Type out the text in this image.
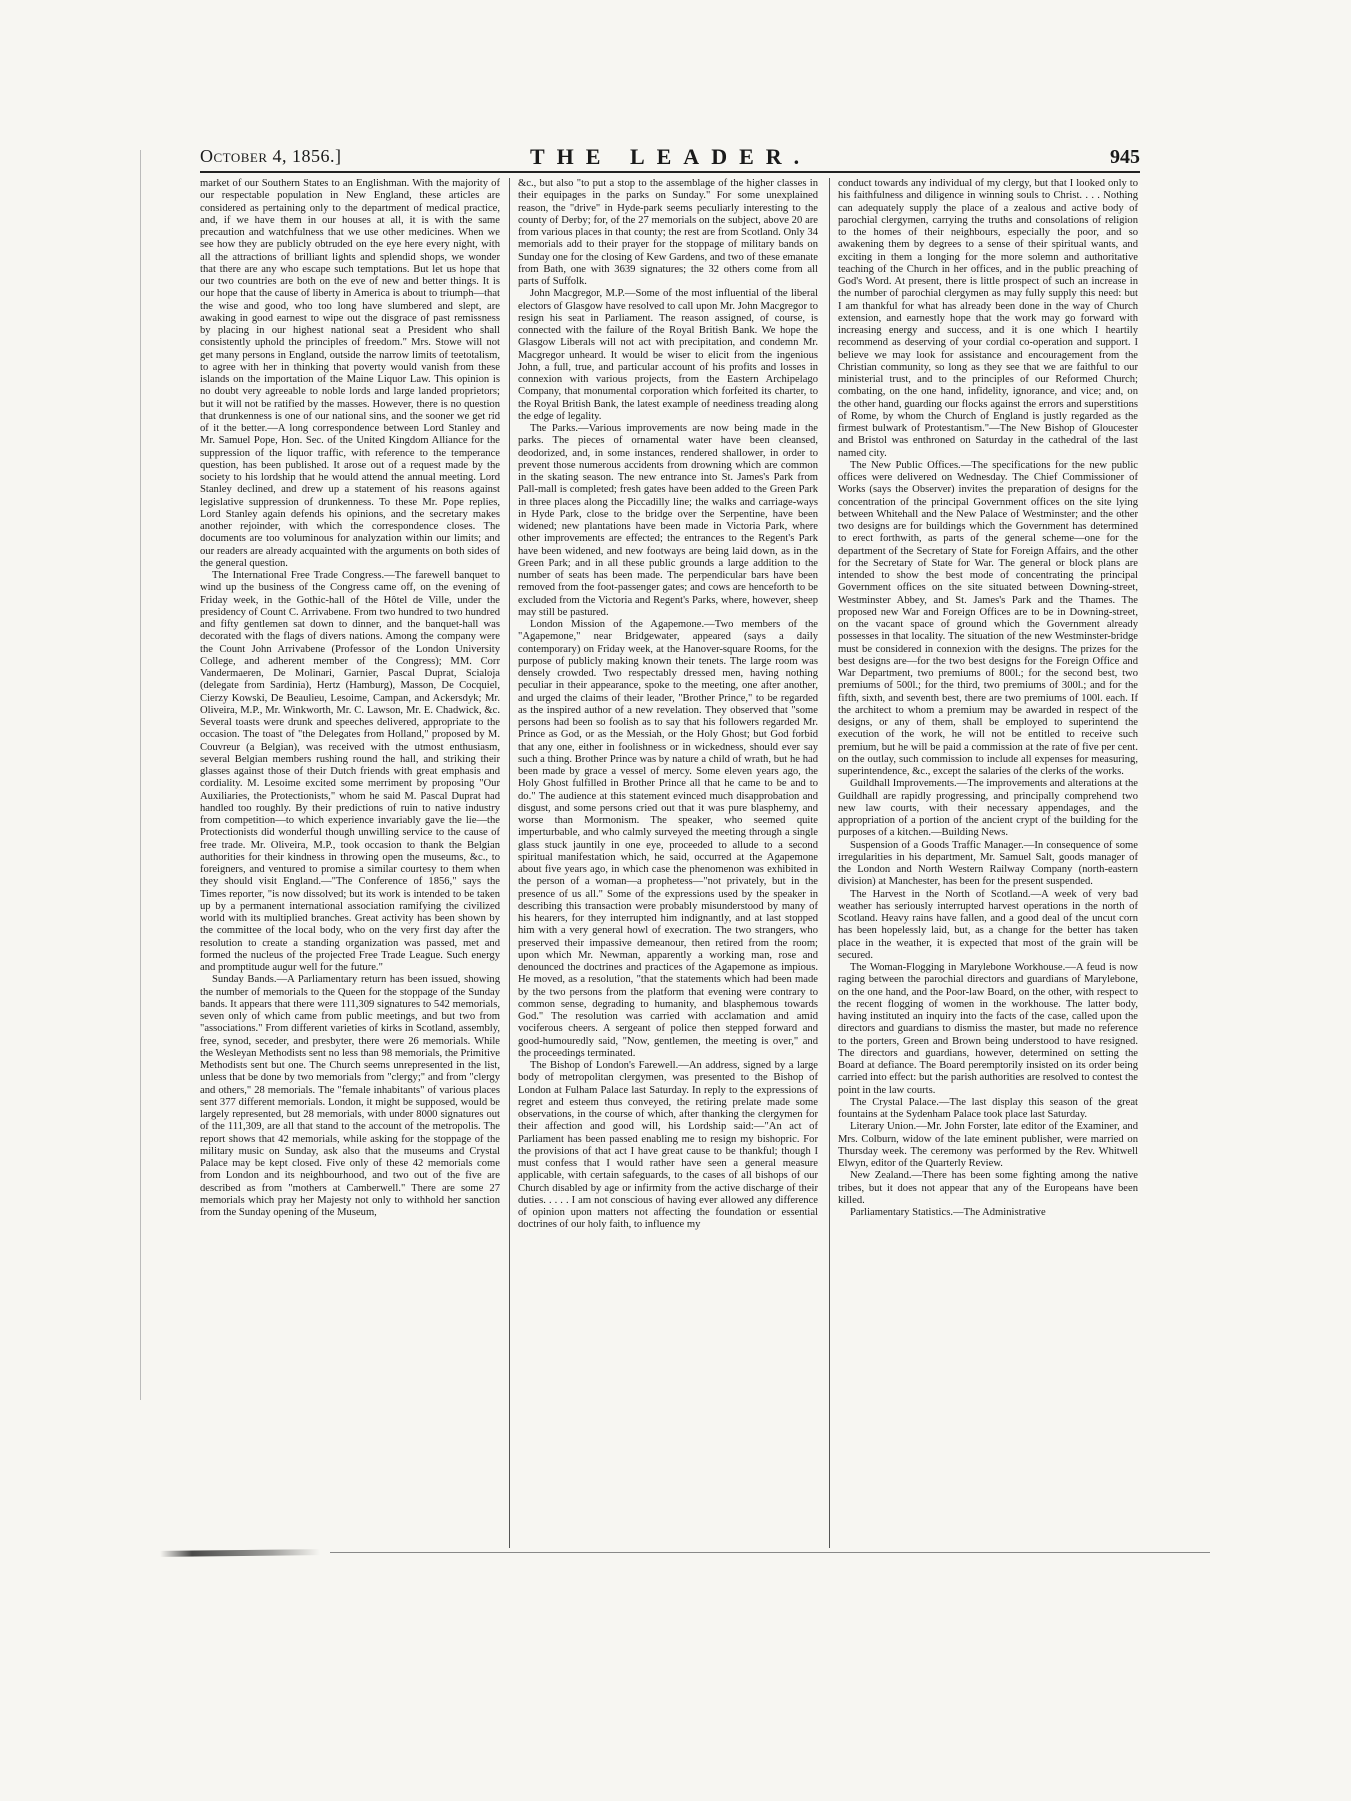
October 4, 1856.]	THE LEADER.	945

market of our Southern States to an Englishman. With the majority of our respectable population in New England, these articles are considered as pertaining only to the department of medical practice, and, if we have them in our houses at all, it is with the same precaution and watchfulness that we use other medicines. When we see how they are publicly obtruded on the eye here every night, with all the attractions of brilliant lights and splendid shops, we wonder that there are any who escape such temptations. But let us hope that our two countries are both on the eve of new and better things. It is our hope that the cause of liberty in America is about to triumph—that the wise and good, who too long have slumbered and slept, are awaking in good earnest to wipe out the disgrace of past remissness by placing in our highest national seat a President who shall consistently uphold the principles of freedom." Mrs. Stowe will not get many persons in England, outside the narrow limits of teetotalism, to agree with her in thinking that poverty would vanish from these islands on the importation of the Maine Liquor Law. This opinion is no doubt very agreeable to noble lords and large landed proprietors; but it will not be ratified by the masses. However, there is no question that drunkenness is one of our national sins, and the sooner we get rid of it the better.—A long correspondence between Lord Stanley and Mr. Samuel Pope, Hon. Sec. of the United Kingdom Alliance for the suppression of the liquor traffic, with reference to the temperance question, has been published. It arose out of a request made by the society to his lordship that he would attend the annual meeting. Lord Stanley declined, and drew up a statement of his reasons against legislative suppression of drunkenness. To these Mr. Pope replies, Lord Stanley again defends his opinions, and the secretary makes another rejoinder, with which the correspondence closes. The documents are too voluminous for analyzation within our limits; and our readers are already acquainted with the arguments on both sides of the general question.

The International Free Trade Congress.—The farewell banquet to wind up the business of the Congress came off, on the evening of Friday week, in the Gothic-hall of the Hôtel de Ville, under the presidency of Count C. Arrivabene. From two hundred to two hundred and fifty gentlemen sat down to dinner, and the banquet-hall was decorated with the flags of divers nations. Among the company were the Count John Arrivabene (Professor of the London University College, and adherent member of the Congress); MM. Corr Vandermaeren, De Molinari, Garnier, Pascal Duprat, Scialoja (delegate from Sardinia), Hertz (Hamburg), Masson, De Cocquiel, Cierzy Kowski, De Beaulieu, Lesoime, Campan, and Ackersdyk; Mr. Oliveira, M.P., Mr. Winkworth, Mr. C. Lawson, Mr. E. Chadwick, &c. Several toasts were drunk and speeches delivered, appropriate to the occasion. The toast of "the Delegates from Holland," proposed by M. Couvreur (a Belgian), was received with the utmost enthusiasm, several Belgian members rushing round the hall, and striking their glasses against those of their Dutch friends with great emphasis and cordiality. M. Lesoime excited some merriment by proposing "Our Auxiliaries, the Protectionists," whom he said M. Pascal Duprat had handled too roughly. By their predictions of ruin to native industry from competition—to which experience invariably gave the lie—the Protectionists did wonderful though unwilling service to the cause of free trade. Mr. Oliveira, M.P., took occasion to thank the Belgian authorities for their kindness in throwing open the museums, &c., to foreigners, and ventured to promise a similar courtesy to them when they should visit England.—"The Conference of 1856," says the Times reporter, "is now dissolved; but its work is intended to be taken up by a permanent international association ramifying the civilized world with its multiplied branches. Great activity has been shown by the committee of the local body, who on the very first day after the resolution to create a standing organization was passed, met and formed the nucleus of the projected Free Trade League. Such energy and promptitude augur well for the future."

Sunday Bands.—A Parliamentary return has been issued, showing the number of memorials to the Queen for the stoppage of the Sunday bands. It appears that there were 111,309 signatures to 542 memorials, seven only of which came from public meetings, and but two from "associations." From different varieties of kirks in Scotland, assembly, free, synod, seceder, and presbyter, there were 26 memorials. While the Wesleyan Methodists sent no less than 98 memorials, the Primitive Methodists sent but one. The Church seems unrepresented in the list, unless that be done by two memorials from "clergy;" and from "clergy and others," 28 memorials. The "female inhabitants" of various places sent 377 different memorials. London, it might be supposed, would be largely represented, but 28 memorials, with under 8000 signatures out of the 111,309, are all that stand to the account of the metropolis. The report shows that 42 memorials, while asking for the stoppage of the military music on Sunday, ask also that the museums and Crystal Palace may be kept closed. Five only of these 42 memorials come from London and its neighbourhood, and two out of the five are described as from "mothers at Camberwell." There are some 27 memorials which pray her Majesty not only to withhold her sanction from the Sunday opening of the Museum,

&c., but also "to put a stop to the assemblage of the higher classes in their equipages in the parks on Sunday." For some unexplained reason, the "drive" in Hyde-park seems peculiarly interesting to the county of Derby; for, of the 27 memorials on the subject, above 20 are from various places in that county; the rest are from Scotland. Only 34 memorials add to their prayer for the stoppage of military bands on Sunday one for the closing of Kew Gardens, and two of these emanate from Bath, one with 3639 signatures; the 32 others come from all parts of Suffolk.

John Macgregor, M.P.—Some of the most influential of the liberal electors of Glasgow have resolved to call upon Mr. John Macgregor to resign his seat in Parliament. The reason assigned, of course, is connected with the failure of the Royal British Bank. We hope the Glasgow Liberals will not act with precipitation, and condemn Mr. Macgregor unheard. It would be wiser to elicit from the ingenious John, a full, true, and particular account of his profits and losses in connexion with various projects, from the Eastern Archipelago Company, that monumental corporation which forfeited its charter, to the Royal British Bank, the latest example of neediness treading along the edge of legality.

The Parks.—Various improvements are now being made in the parks. The pieces of ornamental water have been cleansed, deodorized, and, in some instances, rendered shallower, in order to prevent those numerous accidents from drowning which are common in the skating season. The new entrance into St. James's Park from Pall-mall is completed; fresh gates have been added to the Green Park in three places along the Piccadilly line; the walks and carriage-ways in Hyde Park, close to the bridge over the Serpentine, have been widened; new plantations have been made in Victoria Park, where other improvements are effected; the entrances to the Regent's Park have been widened, and new footways are being laid down, as in the Green Park; and in all these public grounds a large addition to the number of seats has been made. The perpendicular bars have been removed from the foot-passenger gates; and cows are henceforth to be excluded from the Victoria and Regent's Parks, where, however, sheep may still be pastured.

London Mission of the Agapemone.—Two members of the "Agapemone," near Bridgewater, appeared (says a daily contemporary) on Friday week, at the Hanover-square Rooms, for the purpose of publicly making known their tenets. The large room was densely crowded. Two respectably dressed men, having nothing peculiar in their appearance, spoke to the meeting, one after another, and urged the claims of their leader, "Brother Prince," to be regarded as the inspired author of a new revelation. They observed that "some persons had been so foolish as to say that his followers regarded Mr. Prince as God, or as the Messiah, or the Holy Ghost; but God forbid that any one, either in foolishness or in wickedness, should ever say such a thing. Brother Prince was by nature a child of wrath, but he had been made by grace a vessel of mercy. Some eleven years ago, the Holy Ghost fulfilled in Brother Prince all that he came to be and to do." The audience at this statement evinced much disapprobation and disgust, and some persons cried out that it was pure blasphemy, and worse than Mormonism. The speaker, who seemed quite imperturbable, and who calmly surveyed the meeting through a single glass stuck jauntily in one eye, proceeded to allude to a second spiritual manifestation which, he said, occurred at the Agapemone about five years ago, in which case the phenomenon was exhibited in the person of a woman—a prophetess—"not privately, but in the presence of us all." Some of the expressions used by the speaker in describing this transaction were probably misunderstood by many of his hearers, for they interrupted him indignantly, and at last stopped him with a very general howl of execration. The two strangers, who preserved their impassive demeanour, then retired from the room; upon which Mr. Newman, apparently a working man, rose and denounced the doctrines and practices of the Agapemone as impious. He moved, as a resolution, "that the statements which had been made by the two persons from the platform that evening were contrary to common sense, degrading to humanity, and blasphemous towards God." The resolution was carried with acclamation and amid vociferous cheers. A sergeant of police then stepped forward and good-humouredly said, "Now, gentlemen, the meeting is over," and the proceedings terminated.

The Bishop of London's Farewell.—An address, signed by a large body of metropolitan clergymen, was presented to the Bishop of London at Fulham Palace last Saturday. In reply to the expressions of regret and esteem thus conveyed, the retiring prelate made some observations, in the course of which, after thanking the clergymen for their affection and good will, his Lordship said:—"An act of Parliament has been passed enabling me to resign my bishopric. For the provisions of that act I have great cause to be thankful; though I must confess that I would rather have seen a general measure applicable, with certain safeguards, to the cases of all bishops of our Church disabled by age or infirmity from the active discharge of their duties. . . . . I am not conscious of having ever allowed any difference of opinion upon matters not affecting the foundation or essential doctrines of our holy faith, to influence my

conduct towards any individual of my clergy, but that I looked only to his faithfulness and diligence in winning souls to Christ. . . . Nothing can adequately supply the place of a zealous and active body of parochial clergymen, carrying the truths and consolations of religion to the homes of their neighbours, especially the poor, and so awakening them by degrees to a sense of their spiritual wants, and exciting in them a longing for the more solemn and authoritative teaching of the Church in her offices, and in the public preaching of God's Word. At present, there is little prospect of such an increase in the number of parochial clergymen as may fully supply this need: but I am thankful for what has already been done in the way of Church extension, and earnestly hope that the work may go forward with increasing energy and success, and it is one which I heartily recommend as deserving of your cordial co-operation and support. I believe we may look for assistance and encouragement from the Christian community, so long as they see that we are faithful to our ministerial trust, and to the principles of our Reformed Church; combating, on the one hand, infidelity, ignorance, and vice; and, on the other hand, guarding our flocks against the errors and superstitions of Rome, by whom the Church of England is justly regarded as the firmest bulwark of Protestantism."—The New Bishop of Gloucester and Bristol was enthroned on Saturday in the cathedral of the last named city.

The New Public Offices.—The specifications for the new public offices were delivered on Wednesday. The Chief Commissioner of Works (says the Observer) invites the preparation of designs for the concentration of the principal Government offices on the site lying between Whitehall and the New Palace of Westminster; and the other two designs are for buildings which the Government has determined to erect forthwith, as parts of the general scheme—one for the department of the Secretary of State for Foreign Affairs, and the other for the Secretary of State for War. The general or block plans are intended to show the best mode of concentrating the principal Government offices on the site situated between Downing-street, Westminster Abbey, and St. James's Park and the Thames. The proposed new War and Foreign Offices are to be in Downing-street, on the vacant space of ground which the Government already possesses in that locality. The situation of the new Westminster-bridge must be considered in connexion with the designs. The prizes for the best designs are—for the two best designs for the Foreign Office and War Department, two premiums of 800l.; for the second best, two premiums of 500l.; for the third, two premiums of 300l.; and for the fifth, sixth, and seventh best, there are two premiums of 100l. each. If the architect to whom a premium may be awarded in respect of the designs, or any of them, shall be employed to superintend the execution of the work, he will not be entitled to receive such premium, but he will be paid a commission at the rate of five per cent. on the outlay, such commission to include all expenses for measuring, superintendence, &c., except the salaries of the clerks of the works.

Guildhall Improvements.—The improvements and alterations at the Guildhall are rapidly progressing, and principally comprehend two new law courts, with their necessary appendages, and the appropriation of a portion of the ancient crypt of the building for the purposes of a kitchen.—Building News.

Suspension of a Goods Traffic Manager.—In consequence of some irregularities in his department, Mr. Samuel Salt, goods manager of the London and North Western Railway Company (north-eastern division) at Manchester, has been for the present suspended.

The Harvest in the North of Scotland.—A week of very bad weather has seriously interrupted harvest operations in the north of Scotland. Heavy rains have fallen, and a good deal of the uncut corn has been hopelessly laid, but, as a change for the better has taken place in the weather, it is expected that most of the grain will be secured.

The Woman-Flogging in Marylebone Workhouse.—A feud is now raging between the parochial directors and guardians of Marylebone, on the one hand, and the Poor-law Board, on the other, with respect to the recent flogging of women in the workhouse. The latter body, having instituted an inquiry into the facts of the case, called upon the directors and guardians to dismiss the master, but made no reference to the porters, Green and Brown being understood to have resigned. The directors and guardians, however, determined on setting the Board at defiance. The Board peremptorily insisted on its order being carried into effect: but the parish authorities are resolved to contest the point in the law courts.

The Crystal Palace.—The last display this season of the great fountains at the Sydenham Palace took place last Saturday.

Literary Union.—Mr. John Forster, late editor of the Examiner, and Mrs. Colburn, widow of the late eminent publisher, were married on Thursday week. The ceremony was performed by the Rev. Whitwell Elwyn, editor of the Quarterly Review.

New Zealand.—There has been some fighting among the native tribes, but it does not appear that any of the Europeans have been killed.

Parliamentary Statistics.—The Administrative
